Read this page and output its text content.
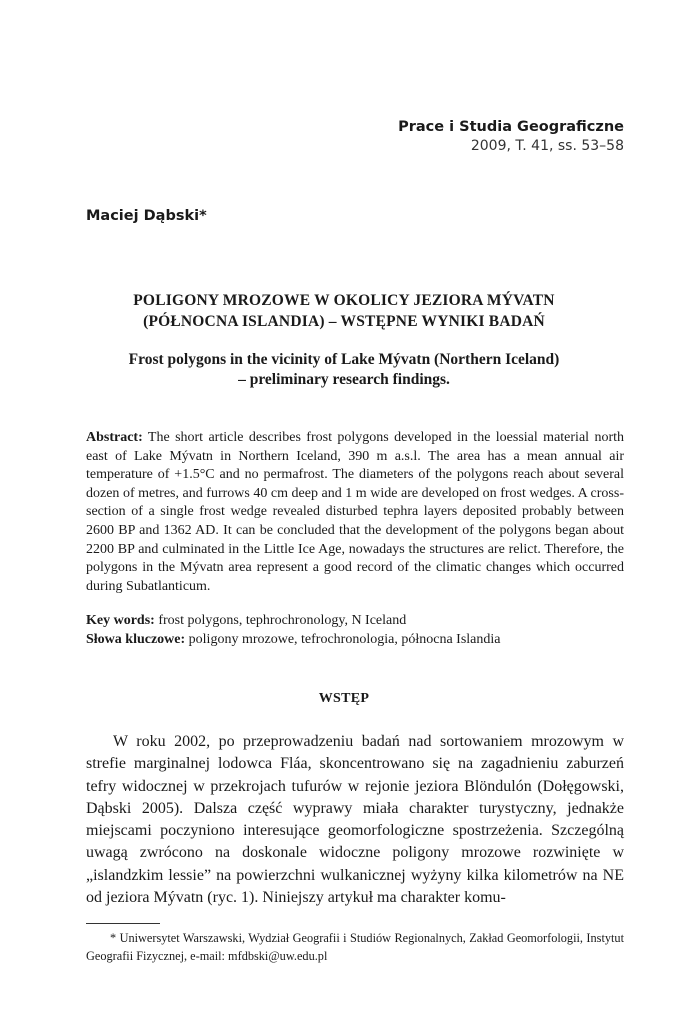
Prace i Studia Geograficzne
2009, T. 41, ss. 53–58
Maciej Dąbski*
POLIGONY MROZOWE W OKOLICY JEZIORA MÝVATN
(PÓŁNOCNA ISLANDIA) – WSTĘPNE WYNIKI BADAŃ
Frost polygons in the vicinity of Lake Mývatn (Northern Iceland)
– preliminary research findings.
Abstract: The short article describes frost polygons developed in the loessial material north east of Lake Mývatn in Northern Iceland, 390 m a.s.l. The area has a mean annual air temperature of +1.5°C and no permafrost. The diameters of the polygons reach about several dozen of metres, and furrows 40 cm deep and 1 m wide are developed on frost wedges. A cross-section of a single frost wedge revealed disturbed tephra layers deposited probably between 2600 BP and 1362 AD. It can be concluded that the development of the polygons began about 2200 BP and culminated in the Little Ice Age, nowadays the structures are relict. Therefore, the polygons in the Mývatn area represent a good record of the climatic changes which occurred during Subatlanticum.
Key words: frost polygons, tephrochronology, N Iceland
Słowa kluczowe: poligony mrozowe, tefrochronologia, północna Islandia
WSTĘP
W roku 2002, po przeprowadzeniu badań nad sortowaniem mrozowym w strefie marginalnej lodowca Fláa, skoncentrowano się na zagadnieniu zaburzeń tefry widocznej w przekrojach tufurów w rejonie jeziora Blöndulón (Dołęgowski, Dąbski 2005). Dalsza część wyprawy miała charakter turystyczny, jednakże miejscami poczyniono interesujące geomorfologiczne spostrzeżenia. Szczególną uwagą zwrócono na doskonale widoczne poligony mrozowe rozwinięte w „islandzkim lessie” na powierzchni wulkanicznej wyżyny kilka kilometrów na NE od jeziora Mývatn (ryc. 1). Niniejszy artykuł ma charakter komu-
* Uniwersytet Warszawski, Wydział Geografii i Studiów Regionalnych, Zakład Geomorfologii, Instytut Geografii Fizycznej, e-mail: mfdbski@uw.edu.pl
